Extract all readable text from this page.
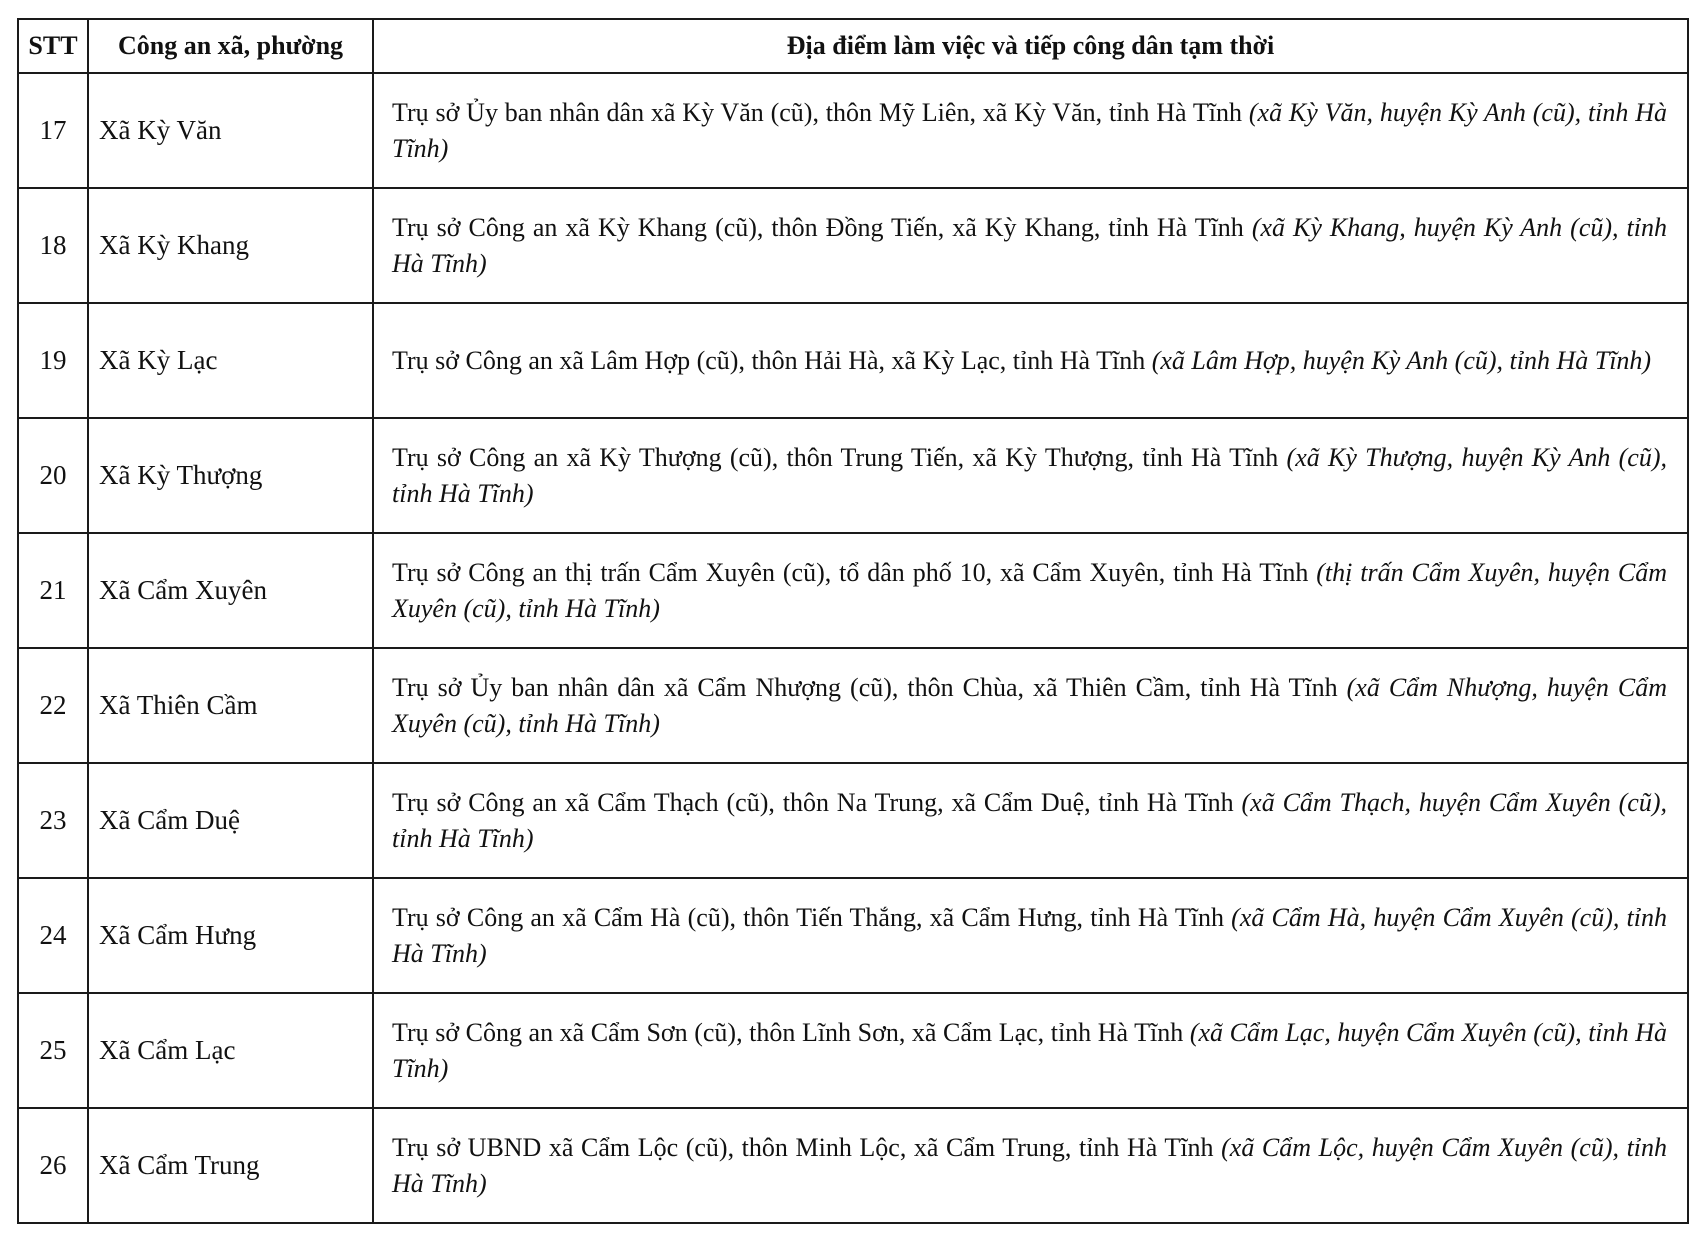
STT	Công an xã, phường	Địa điểm làm việc và tiếp công dân tạm thời
17	Xã Kỳ Văn	Trụ sở Ủy ban nhân dân xã Kỳ Văn (cũ), thôn Mỹ Liên, xã Kỳ Văn, tỉnh Hà Tĩnh (xã Kỳ Văn, huyện Kỳ Anh (cũ), tỉnh Hà Tĩnh)
18	Xã Kỳ Khang	Trụ sở Công an xã Kỳ Khang (cũ), thôn Đồng Tiến, xã Kỳ Khang, tỉnh Hà Tĩnh (xã Kỳ Khang, huyện Kỳ Anh (cũ), tỉnh Hà Tĩnh)
19	Xã Kỳ Lạc	Trụ sở Công an xã Lâm Hợp (cũ), thôn Hải Hà, xã Kỳ Lạc, tỉnh Hà Tĩnh (xã Lâm Hợp, huyện Kỳ Anh (cũ), tỉnh Hà Tĩnh)
20	Xã Kỳ Thượng	Trụ sở Công an xã Kỳ Thượng (cũ), thôn Trung Tiến, xã Kỳ Thượng, tỉnh Hà Tĩnh (xã Kỳ Thượng, huyện Kỳ Anh (cũ), tỉnh Hà Tĩnh)
21	Xã Cẩm Xuyên	Trụ sở Công an thị trấn Cẩm Xuyên (cũ), tổ dân phố 10, xã Cẩm Xuyên, tỉnh Hà Tĩnh (thị trấn Cẩm Xuyên, huyện Cẩm Xuyên (cũ), tỉnh Hà Tĩnh)
22	Xã Thiên Cầm	Trụ sở Ủy ban nhân dân xã Cẩm Nhượng (cũ), thôn Chùa, xã Thiên Cầm, tỉnh Hà Tĩnh (xã Cẩm Nhượng, huyện Cẩm Xuyên (cũ), tỉnh Hà Tĩnh)
23	Xã Cẩm Duệ	Trụ sở Công an xã Cẩm Thạch (cũ), thôn Na Trung, xã Cẩm Duệ, tỉnh Hà Tĩnh (xã Cẩm Thạch, huyện Cẩm Xuyên (cũ), tỉnh Hà Tĩnh)
24	Xã Cẩm Hưng	Trụ sở Công an xã Cẩm Hà (cũ), thôn Tiến Thắng, xã Cẩm Hưng, tỉnh Hà Tĩnh (xã Cẩm Hà, huyện Cẩm Xuyên (cũ), tỉnh Hà Tĩnh)
25	Xã Cẩm Lạc	Trụ sở Công an xã Cẩm Sơn (cũ), thôn Lĩnh Sơn, xã Cẩm Lạc, tỉnh Hà Tĩnh (xã Cẩm Lạc, huyện Cẩm Xuyên (cũ), tỉnh Hà Tĩnh)
26	Xã Cẩm Trung	Trụ sở UBND xã Cẩm Lộc (cũ), thôn Minh Lộc, xã Cẩm Trung, tỉnh Hà Tĩnh (xã Cẩm Lộc, huyện Cẩm Xuyên (cũ), tỉnh Hà Tĩnh)
